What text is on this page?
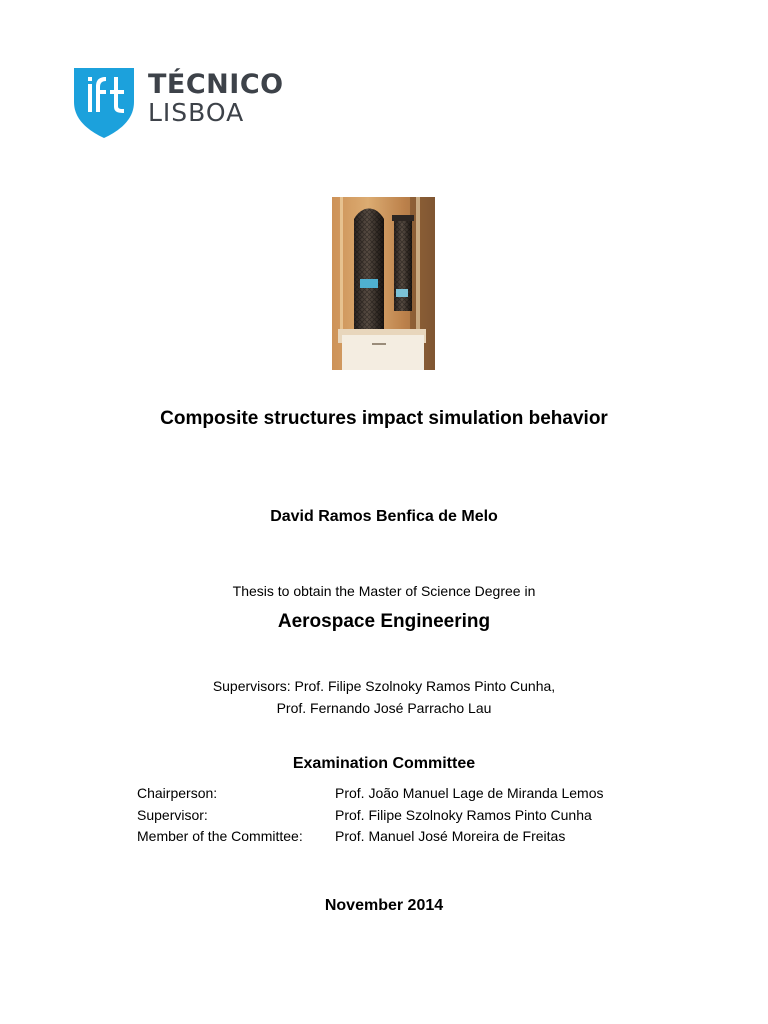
TÉCNICO
LISBOA
Composite structures impact simulation behavior
David Ramos Benfica de Melo
Thesis to obtain the Master of Science Degree in
Aerospace Engineering
Supervisors: Prof. Filipe Szolnoky Ramos Pinto Cunha,
Prof. Fernando José Parracho Lau
Examination Committee
Chairperson:	Prof. João Manuel Lage de Miranda Lemos
Supervisor:	Prof. Filipe Szolnoky Ramos Pinto Cunha
Member of the Committee:	Prof. Manuel José Moreira de Freitas
November 2014
